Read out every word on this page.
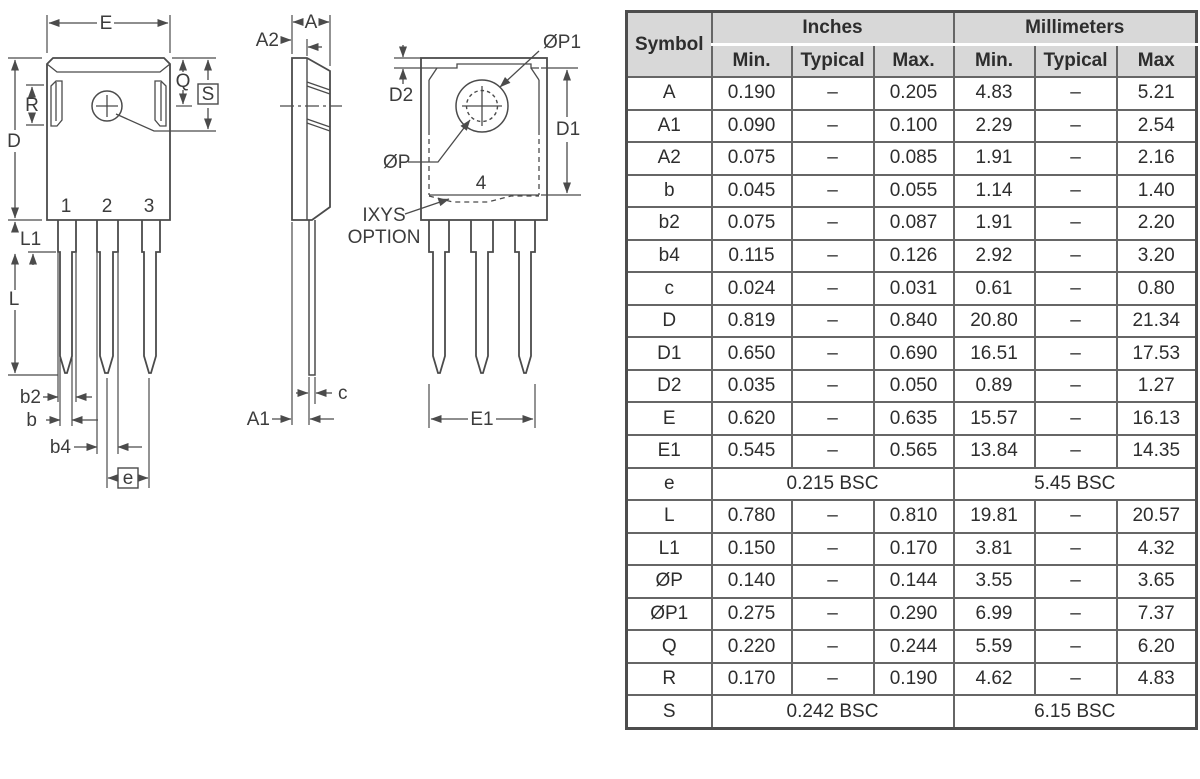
E
D
R
Q
S
L1
L
b2
b
b4
e
1 2 3
A
A2
c
A1
ØP1
ØP
D2
D1
E1
4
IXYS
OPTION
Symbol	Inches			Millimeters		
	Min.	Typical	Max.	Min.	Typical	Max
A	0.190	–	0.205	4.83	–	5.21
A1	0.090	–	0.100	2.29	–	2.54
A2	0.075	–	0.085	1.91	–	2.16
b	0.045	–	0.055	1.14	–	1.40
b2	0.075	–	0.087	1.91	–	2.20
b4	0.115	–	0.126	2.92	–	3.20
c	0.024	–	0.031	0.61	–	0.80
D	0.819	–	0.840	20.80	–	21.34
D1	0.650	–	0.690	16.51	–	17.53
D2	0.035	–	0.050	0.89	–	1.27
E	0.620	–	0.635	15.57	–	16.13
E1	0.545	–	0.565	13.84	–	14.35
e	0.215 BSC			5.45 BSC		
L	0.780	–	0.810	19.81	–	20.57
L1	0.150	–	0.170	3.81	–	4.32
ØP	0.140	–	0.144	3.55	–	3.65
ØP1	0.275	–	0.290	6.99	–	7.37
Q	0.220	–	0.244	5.59	–	6.20
R	0.170	–	0.190	4.62	–	4.83
S	0.242 BSC			6.15 BSC		
